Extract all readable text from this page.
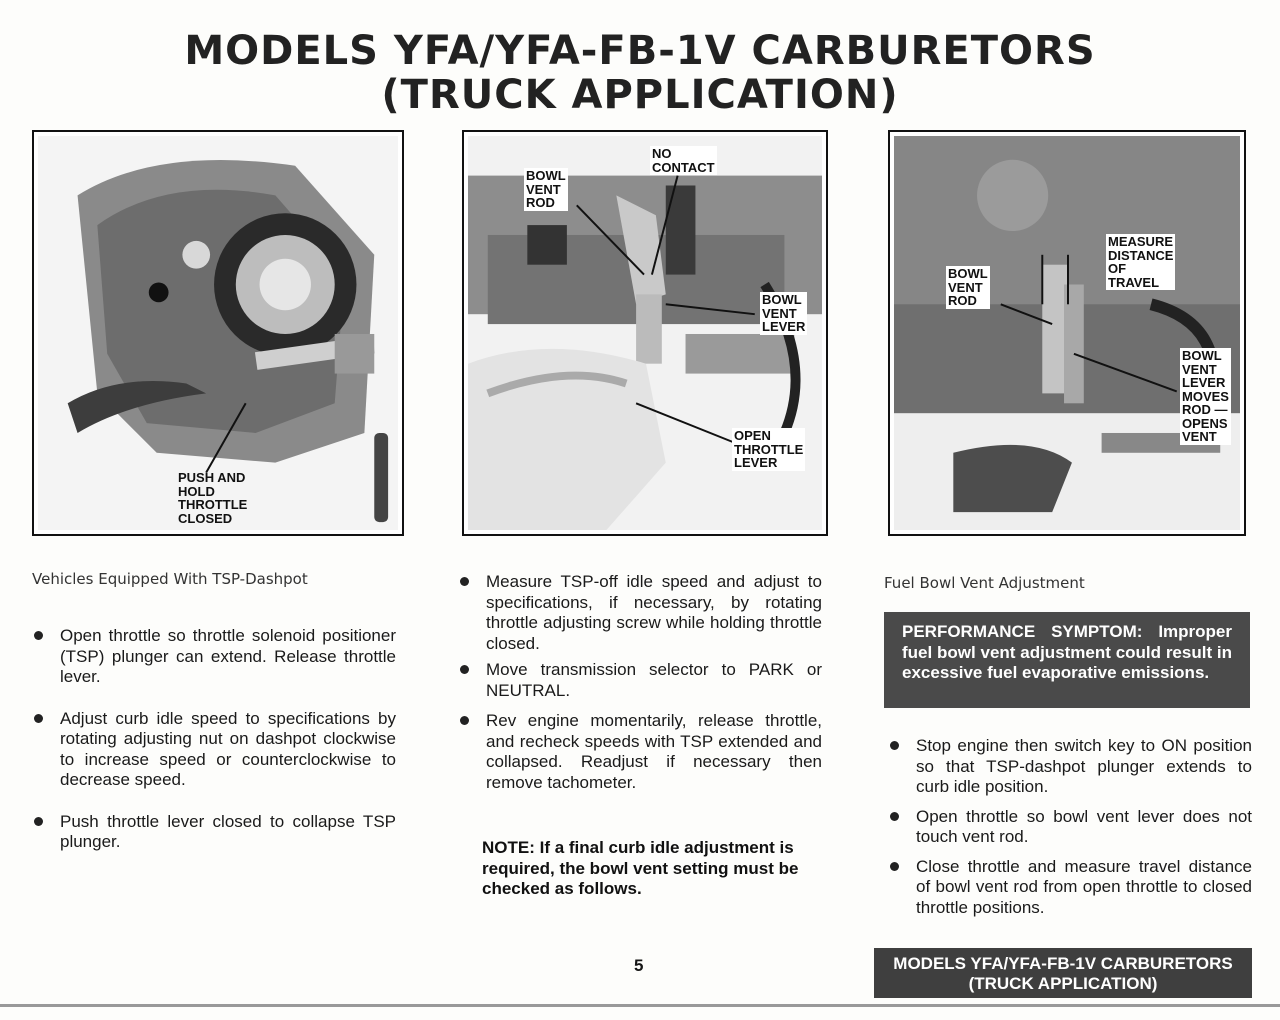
MODELS YFA/YFA-FB-1V CARBURETORS
(TRUCK APPLICATION)
PUSH AND
HOLD
THROTTLE
CLOSED
BOWL
VENT
ROD
NO
CONTACT
BOWL
VENT
LEVER
OPEN
THROTTLE
LEVER
MEASURE
DISTANCE
OF
TRAVEL
BOWL
VENT
ROD
BOWL
VENT
LEVER
MOVES
ROD —
OPENS
VENT
Vehicles Equipped With TSP-Dashpot
Open throttle so throttle solenoid positioner (TSP) plunger can extend. Release throttle lever.
Adjust curb idle speed to specifications by rotating adjusting nut on dashpot clockwise to increase speed or counterclockwise to decrease speed.
Push throttle lever closed to collapse TSP plunger.
Measure TSP-off idle speed and adjust to specifications, if necessary, by rotating throttle adjusting screw while holding throttle closed.
Move transmission selector to PARK or NEUTRAL.
Rev engine momentarily, release throttle, and recheck speeds with TSP extended and collapsed. Readjust if necessary then remove tachometer.
NOTE: If a final curb idle adjustment is required, the bowl vent setting must be checked as follows.
Fuel Bowl Vent Adjustment
PERFORMANCE SYMPTOM: Improper fuel bowl vent adjustment could result in excessive fuel evaporative emissions.
Stop engine then switch key to ON position so that TSP-dashpot plunger extends to curb idle position.
Open throttle so bowl vent lever does not touch vent rod.
Close throttle and measure travel distance of bowl vent rod from open throttle to closed throttle positions.
5	MODELS YFA/YFA-FB-1V CARBURETORS
(TRUCK APPLICATION)
